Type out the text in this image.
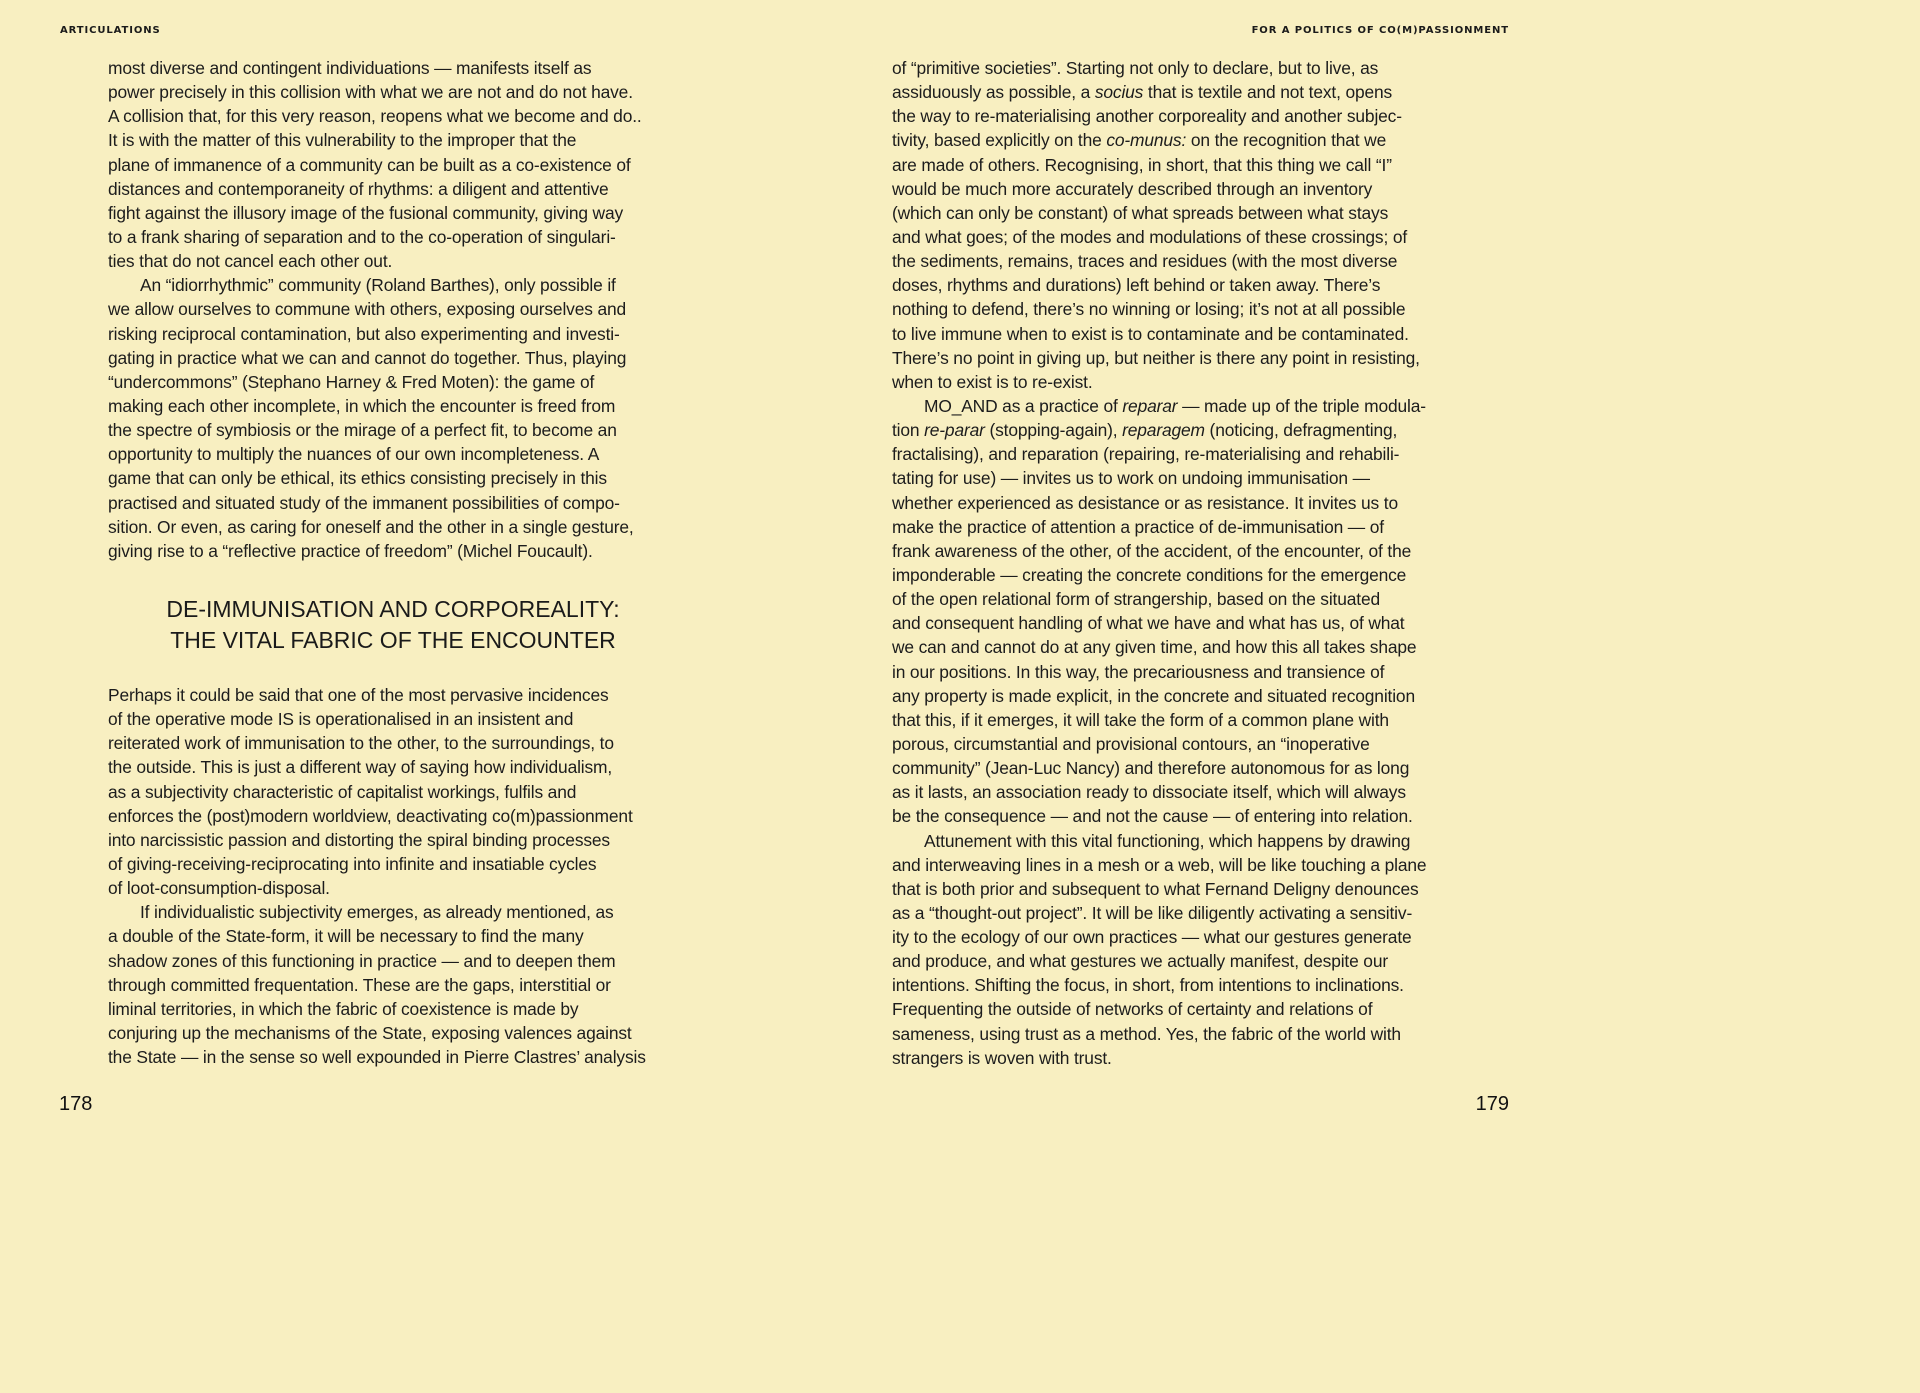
ARTICULATIONS	FOR A POLITICS OF CO(M)PASSIONMENT
most diverse and contingent individuations — manifests itself as
power precisely in this collision with what we are not and do not have.
A collision that, for this very reason, reopens what we become and do..
It is with the matter of this vulnerability to the improper that the
plane of immanence of a community can be built as a co-existence of
distances and contemporaneity of rhythms: a diligent and attentive
fight against the illusory image of the fusional community, giving way
to a frank sharing of separation and to the co-operation of singulari-
ties that do not cancel each other out.
An “idiorrhythmic” community (Roland Barthes), only possible if
we allow ourselves to commune with others, exposing ourselves and
risking reciprocal contamination, but also experimenting and investi-
gating in practice what we can and cannot do together. Thus, playing
“undercommons” (Stephano Harney & Fred Moten): the game of
making each other incomplete, in which the encounter is freed from
the spectre of symbiosis or the mirage of a perfect fit, to become an
opportunity to multiply the nuances of our own incompleteness. A
game that can only be ethical, its ethics consisting precisely in this
practised and situated study of the immanent possibilities of compo-
sition. Or even, as caring for oneself and the other in a single gesture,
giving rise to a “reflective practice of freedom” (Michel Foucault).
DE-IMMUNISATION AND CORPOREALITY:
THE VITAL FABRIC OF THE ENCOUNTER
Perhaps it could be said that one of the most pervasive incidences
of the operative mode IS is operationalised in an insistent and
reiterated work of immunisation to the other, to the surroundings, to
the outside. This is just a different way of saying how individualism,
as a subjectivity characteristic of capitalist workings, fulfils and
enforces the (post)modern worldview, deactivating co(m)passionment
into narcissistic passion and distorting the spiral binding processes
of giving-receiving-reciprocating into infinite and insatiable cycles
of loot-consumption-disposal.
If individualistic subjectivity emerges, as already mentioned, as
a double of the State-form, it will be necessary to find the many
shadow zones of this functioning in practice — and to deepen them
through committed frequentation. These are the gaps, interstitial or
liminal territories, in which the fabric of coexistence is made by
conjuring up the mechanisms of the State, exposing valences against
the State — in the sense so well expounded in Pierre Clastres’ analysis
of “primitive societies”. Starting not only to declare, but to live, as
assiduously as possible, a socius that is textile and not text, opens
the way to re-materialising another corporeality and another subjec-
tivity, based explicitly on the co-munus: on the recognition that we
are made of others. Recognising, in short, that this thing we call “I”
would be much more accurately described through an inventory
(which can only be constant) of what spreads between what stays
and what goes; of the modes and modulations of these crossings; of
the sediments, remains, traces and residues (with the most diverse
doses, rhythms and durations) left behind or taken away. There’s
nothing to defend, there’s no winning or losing; it’s not at all possible
to live immune when to exist is to contaminate and be contaminated.
There’s no point in giving up, but neither is there any point in resisting,
when to exist is to re-exist.
MO_AND as a practice of reparar — made up of the triple modula-
tion re-parar (stopping-again), reparagem (noticing, defragmenting,
fractalising), and reparation (repairing, re-materialising and rehabili-
tating for use) — invites us to work on undoing immunisation —
whether experienced as desistance or as resistance. It invites us to
make the practice of attention a practice of de-immunisation — of
frank awareness of the other, of the accident, of the encounter, of the
imponderable — creating the concrete conditions for the emergence
of the open relational form of strangership, based on the situated
and consequent handling of what we have and what has us, of what
we can and cannot do at any given time, and how this all takes shape
in our positions. In this way, the precariousness and transience of
any property is made explicit, in the concrete and situated recognition
that this, if it emerges, it will take the form of a common plane with
porous, circumstantial and provisional contours, an “inoperative
community” (Jean-Luc Nancy) and therefore autonomous for as long
as it lasts, an association ready to dissociate itself, which will always
be the consequence — and not the cause — of entering into relation.
Attunement with this vital functioning, which happens by drawing
and interweaving lines in a mesh or a web, will be like touching a plane
that is both prior and subsequent to what Fernand Deligny denounces
as a “thought-out project”. It will be like diligently activating a sensitiv-
ity to the ecology of our own practices — what our gestures generate
and produce, and what gestures we actually manifest, despite our
intentions. Shifting the focus, in short, from intentions to inclinations.
Frequenting the outside of networks of certainty and relations of
sameness, using trust as a method. Yes, the fabric of the world with
strangers is woven with trust.
178	179
